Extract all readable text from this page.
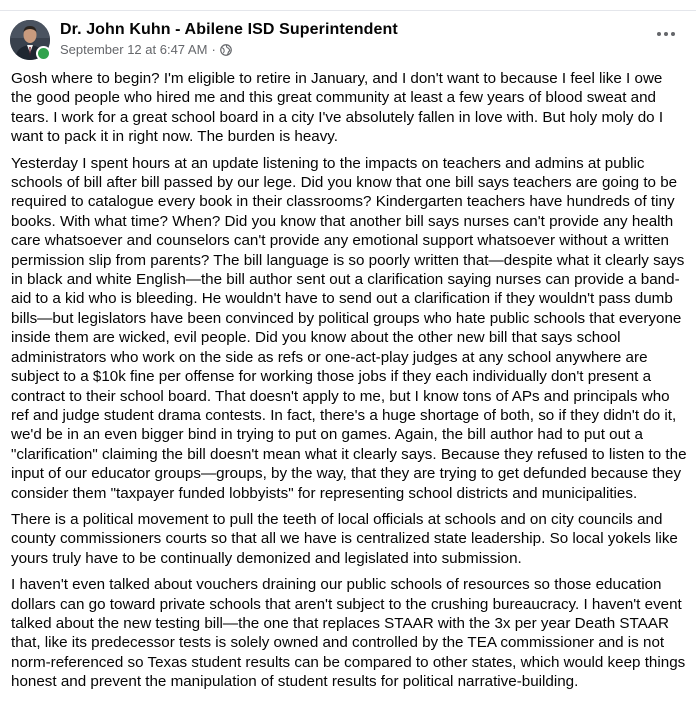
Dr. John Kuhn - Abilene ISD Superintendent
September 12 at 6:47 AM ·

Gosh where to begin? I'm eligible to retire in January, and I don't want to because I feel like I owe the good people who hired me and this great community at least a few years of blood sweat and tears. I work for a great school board in a city I've absolutely fallen in love with. But holy moly do I want to pack it in right now. The burden is heavy.

Yesterday I spent hours at an update listening to the impacts on teachers and admins at public schools of bill after bill passed by our lege. Did you know that one bill says teachers are going to be required to catalogue every book in their classrooms? Kindergarten teachers have hundreds of tiny books. With what time? When? Did you know that another bill says nurses can't provide any health care whatsoever and counselors can't provide any emotional support whatsoever without a written permission slip from parents? The bill language is so poorly written that—despite what it clearly says in black and white English—the bill author sent out a clarification saying nurses can provide a band-aid to a kid who is bleeding. He wouldn't have to send out a clarification if they wouldn't pass dumb bills—but legislators have been convinced by political groups who hate public schools that everyone inside them are wicked, evil people. Did you know about the other new bill that says school administrators who work on the side as refs or one-act-play judges at any school anywhere are subject to a $10k fine per offense for working those jobs if they each individually don't present a contract to their school board. That doesn't apply to me, but I know tons of APs and principals who ref and judge student drama contests. In fact, there's a huge shortage of both, so if they didn't do it, we'd be in an even bigger bind in trying to put on games. Again, the bill author had to put out a "clarification" claiming the bill doesn't mean what it clearly says. Because they refused to listen to the input of our educator groups—groups, by the way, that they are trying to get defunded because they consider them "taxpayer funded lobbyists" for representing school districts and municipalities.

There is a political movement to pull the teeth of local officials at schools and on city councils and county commissioners courts so that all we have is centralized state leadership. So local yokels like yours truly have to be continually demonized and legislated into submission.

I haven't even talked about vouchers draining our public schools of resources so those education dollars can go toward private schools that aren't subject to the crushing bureaucracy. I haven't event talked about the new testing bill—the one that replaces STAAR with the 3x per year Death STAAR that, like its predecessor tests is solely owned and controlled by the TEA commissioner and is not norm-referenced so Texas student results can be compared to other states, which would keep things honest and prevent the manipulation of student results for political narrative-building.
